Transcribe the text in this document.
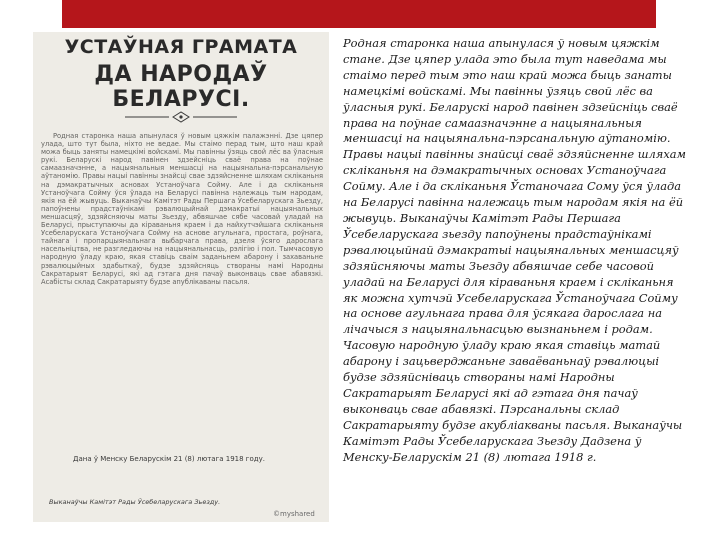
УСТАЎНАЯ ГРАМАТА
ДА НАРОДАЎ БЕЛАРУСІ.
Родная старонка наша апынулася ў новым цяжкім палажэнні. Дзе цяпер улада, што тут была, ніхто не ведае. Мы стаімо перад тым, што наш край можа быць заняты намецкімі войскамі. Мы павінны ўзяць свой лёс ва ўласныя рукі. Беларускі народ павінен здзейсніць сваё права на поўнае самаазначэнне, а нацыянальныя меншасці на нацыянальна-пэрсанальную аўтаномію. Правы нацыі павінны знайсці свае здзяйсненне шляхам скліканьня на дэмакратычных асновах Устаноўчага Сойму. Але і да скліканьня Устаноўчага Сойму ўся ўлада на Беларусі павінна належаць тым народам, якія на ёй жывуць. Выканаўчы Камітэт Рады Першага Ўсебеларускага Зьезду, папоўнены прадстаўнікамі рэвалюцыйнай дэмакратыі нацыянальных меншасцяў, здзяйсняючы маты Зьезду, абвяшчае сябе часовай уладай на Беларусі, прыступаючы да кіраваньня краем і да найхутчэйшага скліканьня Усебеларускага Устаноўчага Сойму на аснове агульнага, простага, роўнага, тайнага і пропарцыянальнага выбарчага права, дзеля ўсяго дарослага насельніцтва, не разгледаючы на нацыянальнасць, рэлігію і пол. Тымчасовую народную ўладу краю, якая ставіць сваім заданьнем абарону і захаваньне рэвалюцыйных здабыткаў, будзе здзяйсняць створаны намі Народны Сакратарыят Беларусі, які ад гэтага дня пачаў выконваць свае абавязкі. Асабісты склад Сакратарыяту будзе апублікаваны пасьля.
Дана ў Менску Беларускім 21 (8) лютага 1918 году.
Выканаўчы Камітэт Рады Ўсебеларускага Зьезду.
©myshared
Родная старонка наша апынулася ў новым цяжкім стане. Дзе цяпер улада это была тут наведама мы стаімо перед тым это наш край можа быць занаты намецкімі войскамі. Мы павінны ўзяць свой лёс ва ўласныя рукі. Беларускі народ павінен здзейсніць сваё права на поўнае самаазначэнне а нацыянальныя меншасці на нацыянальна-пэрсанальную аўтаномію. Правы нацыі павінны знайсці сваё здзяйсненне шляхам скліканьня на дэмакратычных основах Устаноўчага Сойму. Але і да скліканьня Ўстаночага Сому ўся ўлада на Беларусі павінна належаць тым народам якія на ёй жывуць. Выканаўчы Камітэт Рады Першага Ўсебеларускага зьезду папоўнены прадстаўнікамі рэвалюцыйнай дэмакратыі нацыянальных меншасцяў здзяйсняючы маты Зьезду абвяшчае себе часовой уладай на Беларусі для кіраваньня краем і скліканьня як можна хутчэй Усебеларускага Ўстаноўчага Сойму на основе агульнага права для ўсякага дарослага на лічачыся з нацыянальнасцью вызнаньнем і родам. Часовую народную ўладу краю якая ставіць матай абарону і зацьверджаньне заваёваньнаў рэвалюцыі будзе здзяйсніваць створаны намі Народны Сакратарыят Беларусі які ад гэтага дня пачаў выконваць свае абавязкі. Пэрсанальны склад Сакратарыяту будзе акубліакваны пасьля. Выканаўчы Камітэт Рады Ўсебеларускага Зьезду Дадзена ў Менску-Беларускім 21 (8) лютага 1918 г.
